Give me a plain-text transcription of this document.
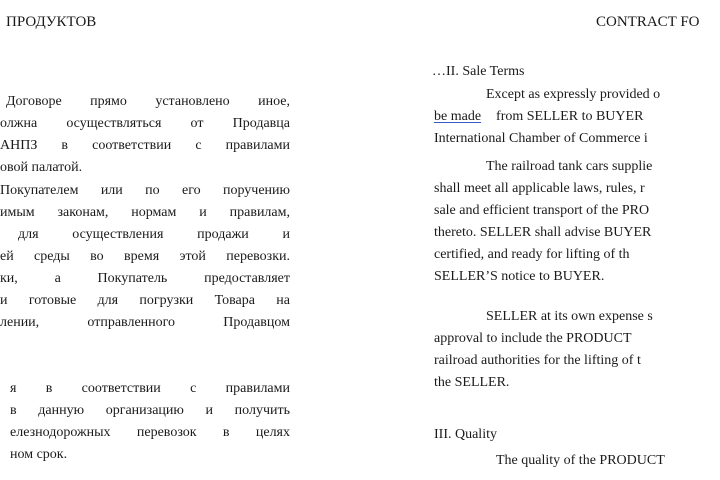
ПРОДУКТОВ
Договоре прямо установлено иное,
олжна осуществляться от Продавца
АНПЗ в соответствии с правилами
овой палатой.
Покупателем или по его поручению
имым законам, нормам и правилам,
для осуществления продажи и
ей среды во время этой перевозки.
ки, а Покупатель предоставляет
и готовые для погрузки Товара на
лении, отправленного Продавцом
я в соответствии с правилами
в данную организацию и получить
елезнодорожных перевозок в целях
ном срок.
CONTRACT FO
…II. Sale Terms
Except as expressly provided o
be made from SELLER to BUYER
International Chamber of Commerce i
The railroad tank cars supplie
shall meet all applicable laws, rules, r
sale and efficient transport of the PRO
thereto. SELLER shall advise BUYER
certified, and ready for lifting of th
SELLER’S notice to BUYER.
SELLER at its own expense s
approval to include the PRODUCT
railroad authorities for the lifting of t
the SELLER.
III. Quality
The quality of the PRODUCT
